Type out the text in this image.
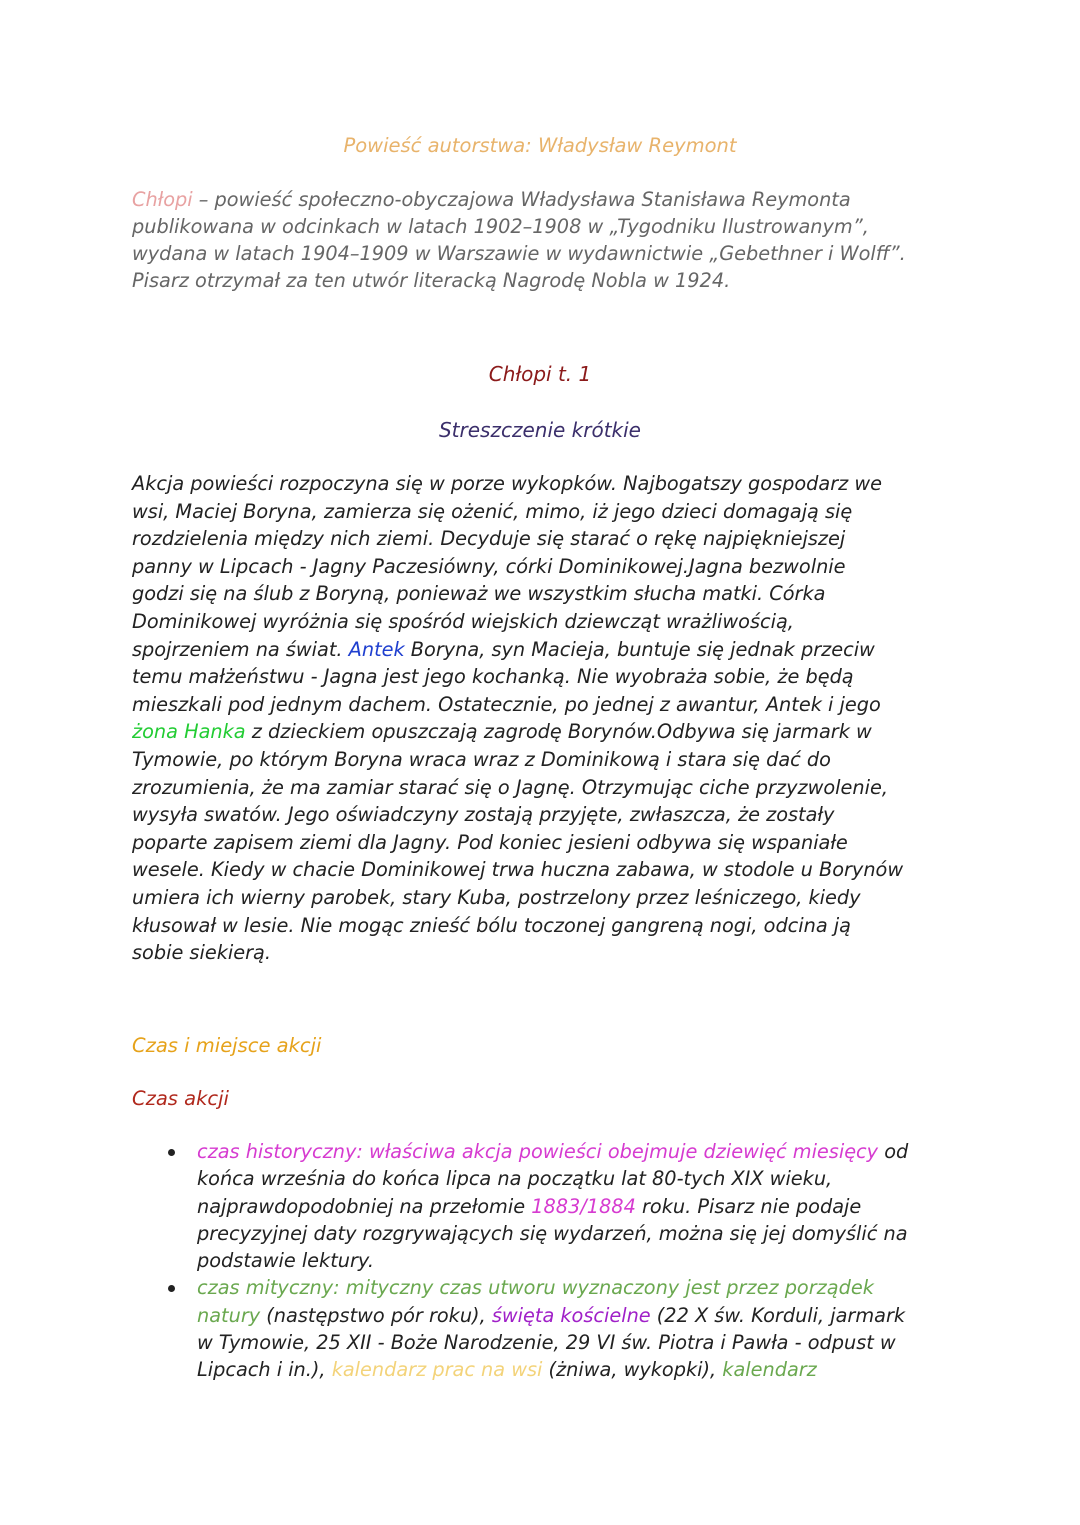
Powieść autorstwa: Władysław Reymont
Chłopi – powieść społeczno-obyczajowa Władysława Stanisława Reymonta
publikowana w odcinkach w latach 1902–1908 w „Tygodniku Ilustrowanym”,
wydana w latach 1904–1909 w Warszawie w wydawnictwie „Gebethner i Wolff”.
Pisarz otrzymał za ten utwór literacką Nagrodę Nobla w 1924.
Chłopi t. 1
Streszczenie krótkie
Akcja powieści rozpoczyna się w porze wykopków. Najbogatszy gospodarz we
wsi, Maciej Boryna, zamierza się ożenić, mimo, iż jego dzieci domagają się
rozdzielenia między nich ziemi. Decyduje się starać o rękę najpiękniejszej
panny w Lipcach - Jagny Paczesiówny, córki Dominikowej.Jagna bezwolnie
godzi się na ślub z Boryną, ponieważ we wszystkim słucha matki. Córka
Dominikowej wyróżnia się spośród wiejskich dziewcząt wrażliwością,
spojrzeniem na świat. Antek Boryna, syn Macieja, buntuje się jednak przeciw
temu małżeństwu - Jagna jest jego kochanką. Nie wyobraża sobie, że będą
mieszkali pod jednym dachem. Ostatecznie, po jednej z awantur, Antek i jego
żona Hanka z dzieckiem opuszczają zagrodę Borynów.Odbywa się jarmark w
Tymowie, po którym Boryna wraca wraz z Dominikową i stara się dać do
zrozumienia, że ma zamiar starać się o Jagnę. Otrzymując ciche przyzwolenie,
wysyła swatów. Jego oświadczyny zostają przyjęte, zwłaszcza, że zostały
poparte zapisem ziemi dla Jagny. Pod koniec jesieni odbywa się wspaniałe
wesele. Kiedy w chacie Dominikowej trwa huczna zabawa, w stodole u Borynów
umiera ich wierny parobek, stary Kuba, postrzelony przez leśniczego, kiedy
kłusował w lesie. Nie mogąc znieść bólu toczonej gangreną nogi, odcina ją
sobie siekierą.
Czas i miejsce akcji
Czas akcji
czas historyczny: właściwa akcja powieści obejmuje dziewięć miesięcy od
końca września do końca lipca na początku lat 80-tych XIX wieku,
najprawdopodobniej na przełomie 1883/1884 roku. Pisarz nie podaje
precyzyjnej daty rozgrywających się wydarzeń, można się jej domyślić na
podstawie lektury.
czas mityczny: mityczny czas utworu wyznaczony jest przez porządek
natury (następstwo pór roku), święta kościelne (22 X św. Korduli, jarmark
w Tymowie, 25 XII - Boże Narodzenie, 29 VI św. Piotra i Pawła - odpust w
Lipcach i in.), kalendarz prac na wsi (żniwa, wykopki), kalendarz
